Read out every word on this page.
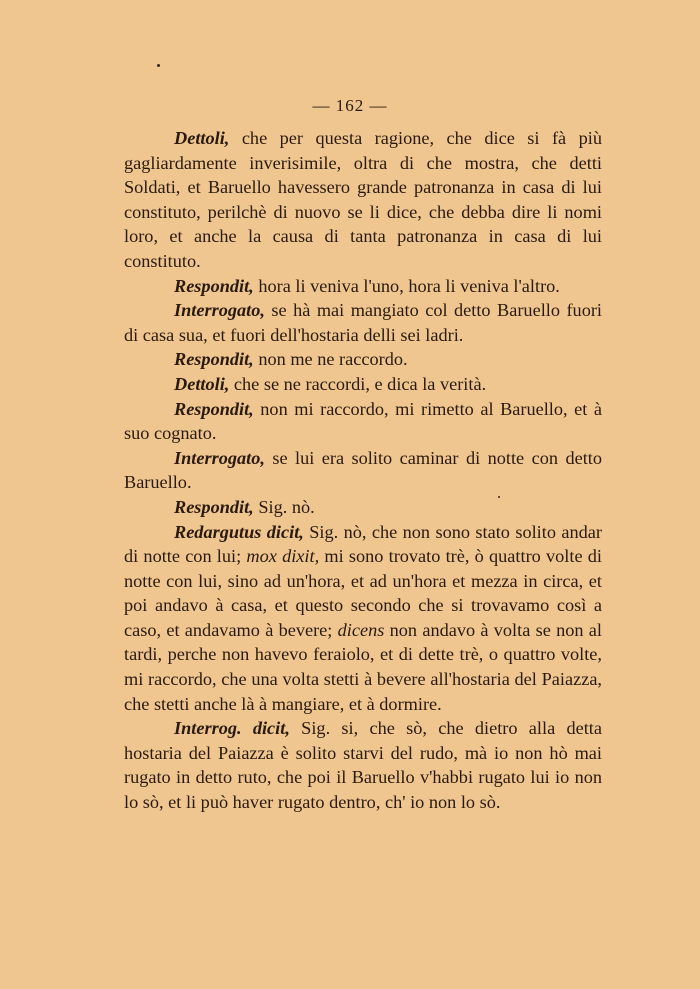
— 162 —

Dettoli, che per questa ragione, che dice si fà più gagliardamente inverisimile, oltra di che mostra, che detti Soldati, et Baruello havessero grande patronanza in casa di lui constituto, perilchè di nuovo se li dice, che debba dire li nomi loro, et anche la causa di tanta patronanza in casa di lui constituto.

Respondit, hora li veniva l'uno, hora li veniva l'altro.

Interrogato, se hà mai mangiato col detto Baruello fuori di casa sua, et fuori dell'hostaria delli sei ladri.

Respondit, non me ne raccordo.

Dettoli, che se ne raccordi, e dica la verità.

Respondit, non mi raccordo, mi rimetto al Baruello, et à suo cognato.

Interrogato, se lui era solito caminar di notte con detto Baruello.

Respondit, Sig. nò.

Redargutus dicit, Sig. nò, che non sono stato solito andar di notte con lui; mox dixit, mi sono trovato trè, ò quattro volte di notte con lui, sino ad un'hora, et ad un'hora et mezza in circa, et poi andavo à casa, et questo secondo che si trovavamo così a caso, et andavamo à bevere; dicens non andavo à volta se non al tardi, perche non havevo feraiolo, et di dette trè, o quattro volte, mi raccordo, che una volta stetti à bevere all'hostaria del Paiazza, che stetti anche là à mangiare, et à dormire.

Interrog. dicit, Sig. si, che sò, che dietro alla detta hostaria del Paiazza è solito starvi del rudo, mà io non hò mai rugato in detto ruto, che poi il Baruello v'habbi rugato lui io non lo sò, et li può haver rugato dentro, ch' io non lo sò.
